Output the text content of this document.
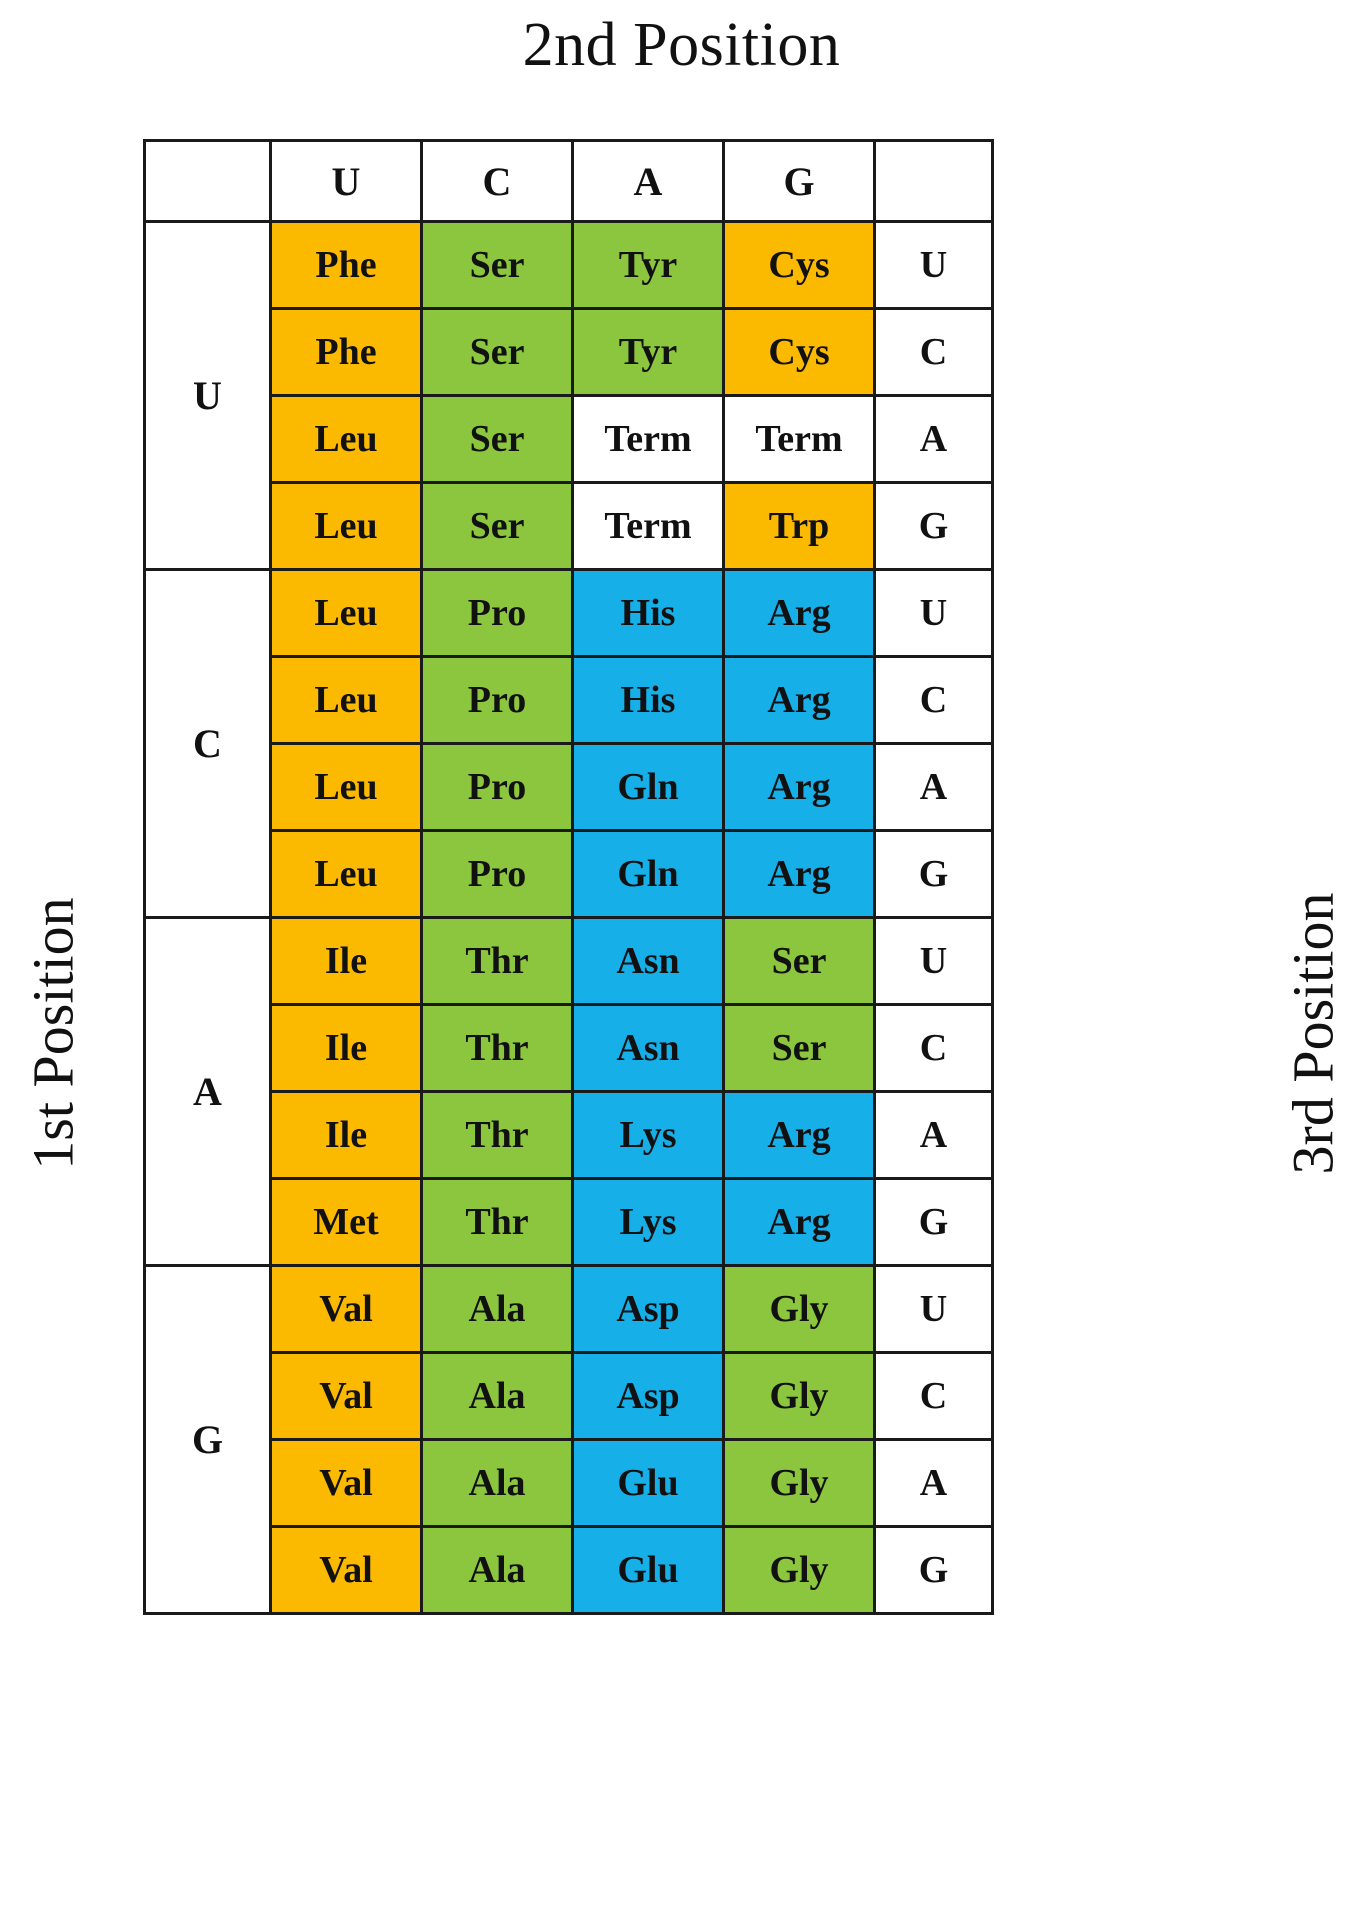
2nd Position
1st Position	3rd Position
	U	C	A	G	
U	Phe	Ser	Tyr	Cys	U

Phe	Ser	Tyr	Cys	C

Leu	Ser	Term	Term	A

Leu	Ser	Term	Trp	G
C	Leu	Pro	His	Arg	U

Leu	Pro	His	Arg	C

Leu	Pro	Gln	Arg	A

Leu	Pro	Gln	Arg	G
A	Ile	Thr	Asn	Ser	U

Ile	Thr	Asn	Ser	C

Ile	Thr	Lys	Arg	A

Met	Thr	Lys	Arg	G
G	Val	Ala	Asp	Gly	U

Val	Ala	Asp	Gly	C

Val	Ala	Glu	Gly	A

Val	Ala	Glu	Gly	G
